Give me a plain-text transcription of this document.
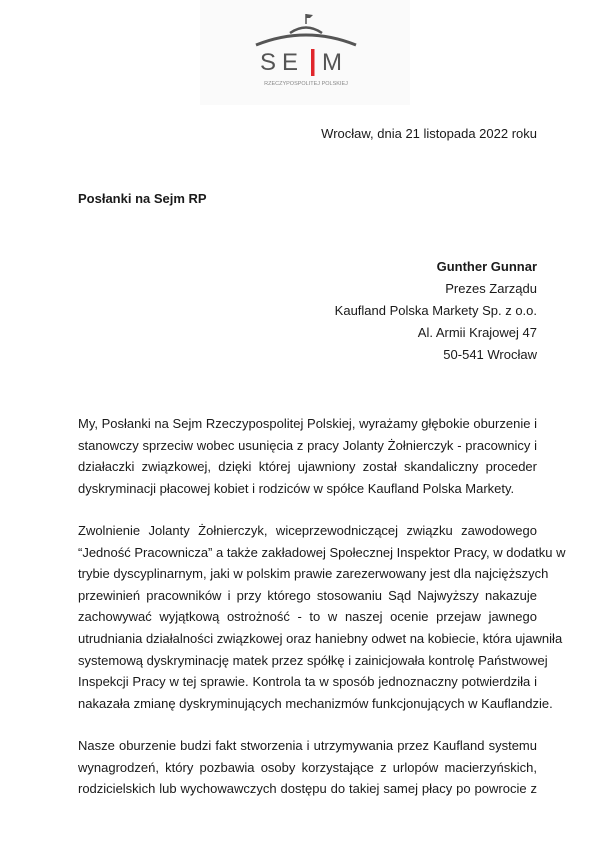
SE M
RZECZYPOSPOLITEJ POLSKIEJ
Wrocław, dnia 21 listopada 2022 roku
Posłanki na Sejm RP
Gunther Gunnar
Prezes Zarządu
Kaufland Polska Markety Sp. z o.o.
Al. Armii Krajowej 47
50-541 Wrocław
My, Posłanki na Sejm Rzeczypospolitej Polskiej, wyrażamy głębokie oburzenie i
stanowczy sprzeciw wobec usunięcia z pracy Jolanty Żołnierczyk - pracownicy i
działaczki związkowej, dzięki której ujawniony został skandaliczny proceder
dyskryminacji płacowej kobiet i rodziców w spółce Kaufland Polska Markety.
Zwolnienie Jolanty Żołnierczyk, wiceprzewodniczącej związku zawodowego
“Jedność Pracownicza” a także zakładowej Społecznej Inspektor Pracy, w dodatku w
trybie dyscyplinarnym, jaki w polskim prawie zarezerwowany jest dla najcięższych
przewinień pracowników i przy którego stosowaniu Sąd Najwyższy nakazuje
zachowywać wyjątkową ostrożność - to w naszej ocenie przejaw jawnego
utrudniania działalności związkowej oraz haniebny odwet na kobiecie, która ujawniła
systemową dyskryminację matek przez spółkę i zainicjowała kontrolę Państwowej
Inspekcji Pracy w tej sprawie. Kontrola ta w sposób jednoznaczny potwierdziła i
nakazała zmianę dyskryminujących mechanizmów funkcjonujących w Kauflandzie.
Nasze oburzenie budzi fakt stworzenia i utrzymywania przez Kaufland systemu
wynagrodzeń, który pozbawia osoby korzystające z urlopów macierzyńskich,
rodzicielskich lub wychowawczych dostępu do takiej samej płacy po powrocie z
